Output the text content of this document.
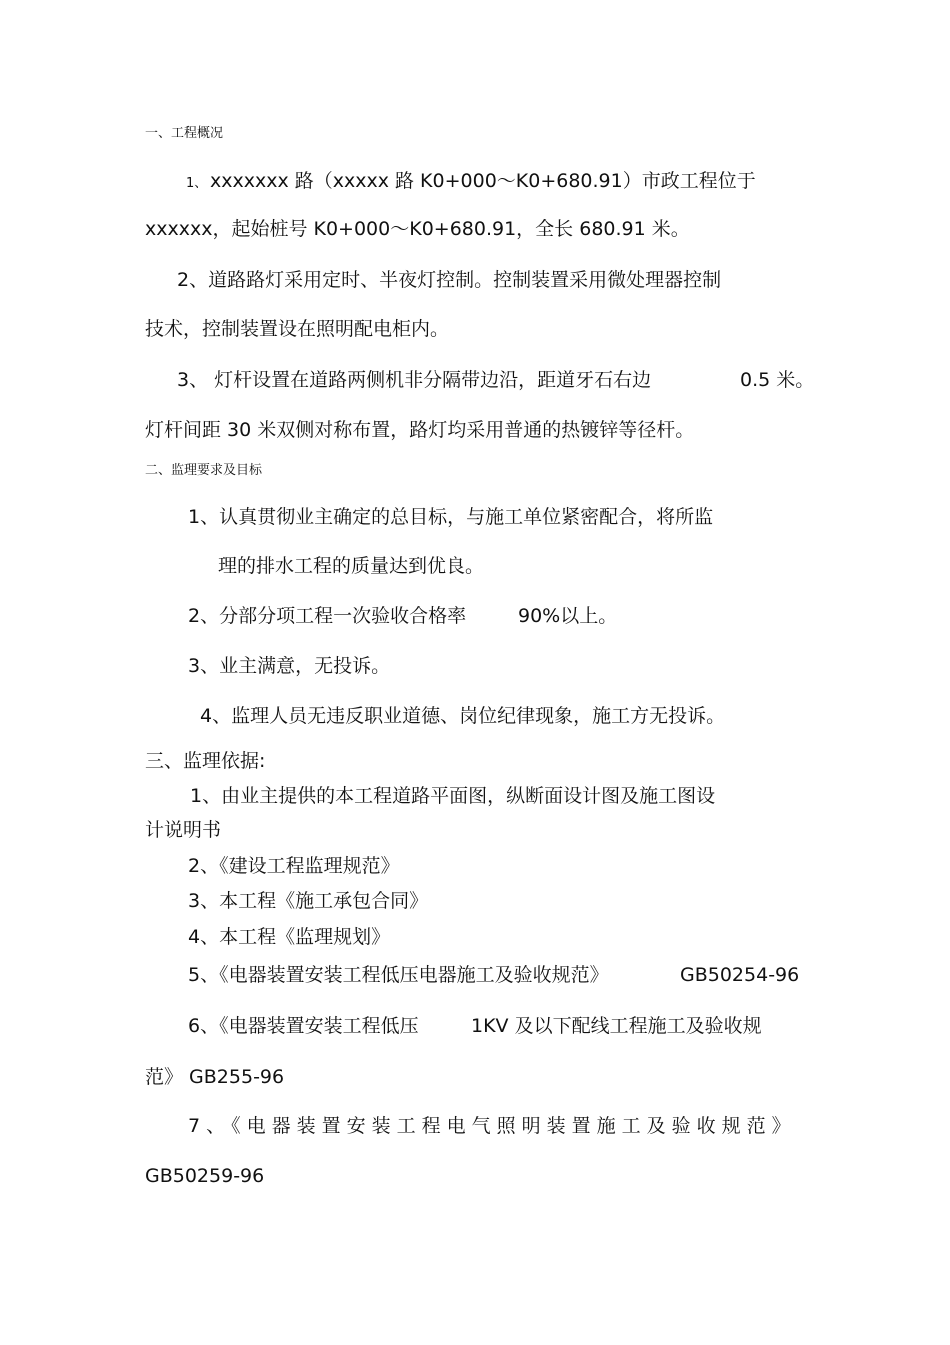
一、工程概况
1、 xxxxxxx 路（xxxxx 路 K0+000～K0+680.91）市政工程位于
xxxxxx，起始桩号 K0+000～K0+680.91，全长 680.91 米。
2、道路路灯采用定时、半夜灯控制。控制装置采用微处理器控制
技术，控制装置设在照明配电柜内。
3、 灯杆设置在道路两侧机非分隔带边沿，距道牙石右边	0.5 米。
灯杆间距 30 米双侧对称布置，路灯均采用普通的热镀锌等径杆。
二、监理要求及目标
1、认真贯彻业主确定的总目标，与施工单位紧密配合，将所监
理的排水工程的质量达到优良。
2、分部分项工程一次验收合格率	90%以上。
3、业主满意，无投诉。
4、监理人员无违反职业道德、岗位纪律现象，施工方无投诉。
三、监理依据:
1、由业主提供的本工程道路平面图，纵断面设计图及施工图设
计说明书
2、《建设工程监理规范》
3、本工程《施工承包合同》
4、本工程《监理规划》
5、《电器装置安装工程低压电器施工及验收规范》	GB50254-96
6、《电器装置安装工程低压	1KV 及以下配线工程施工及验收规
范》 GB255-96
7、《电器装置安装工程电气照明装置施工及验收规范》
GB50259-96
